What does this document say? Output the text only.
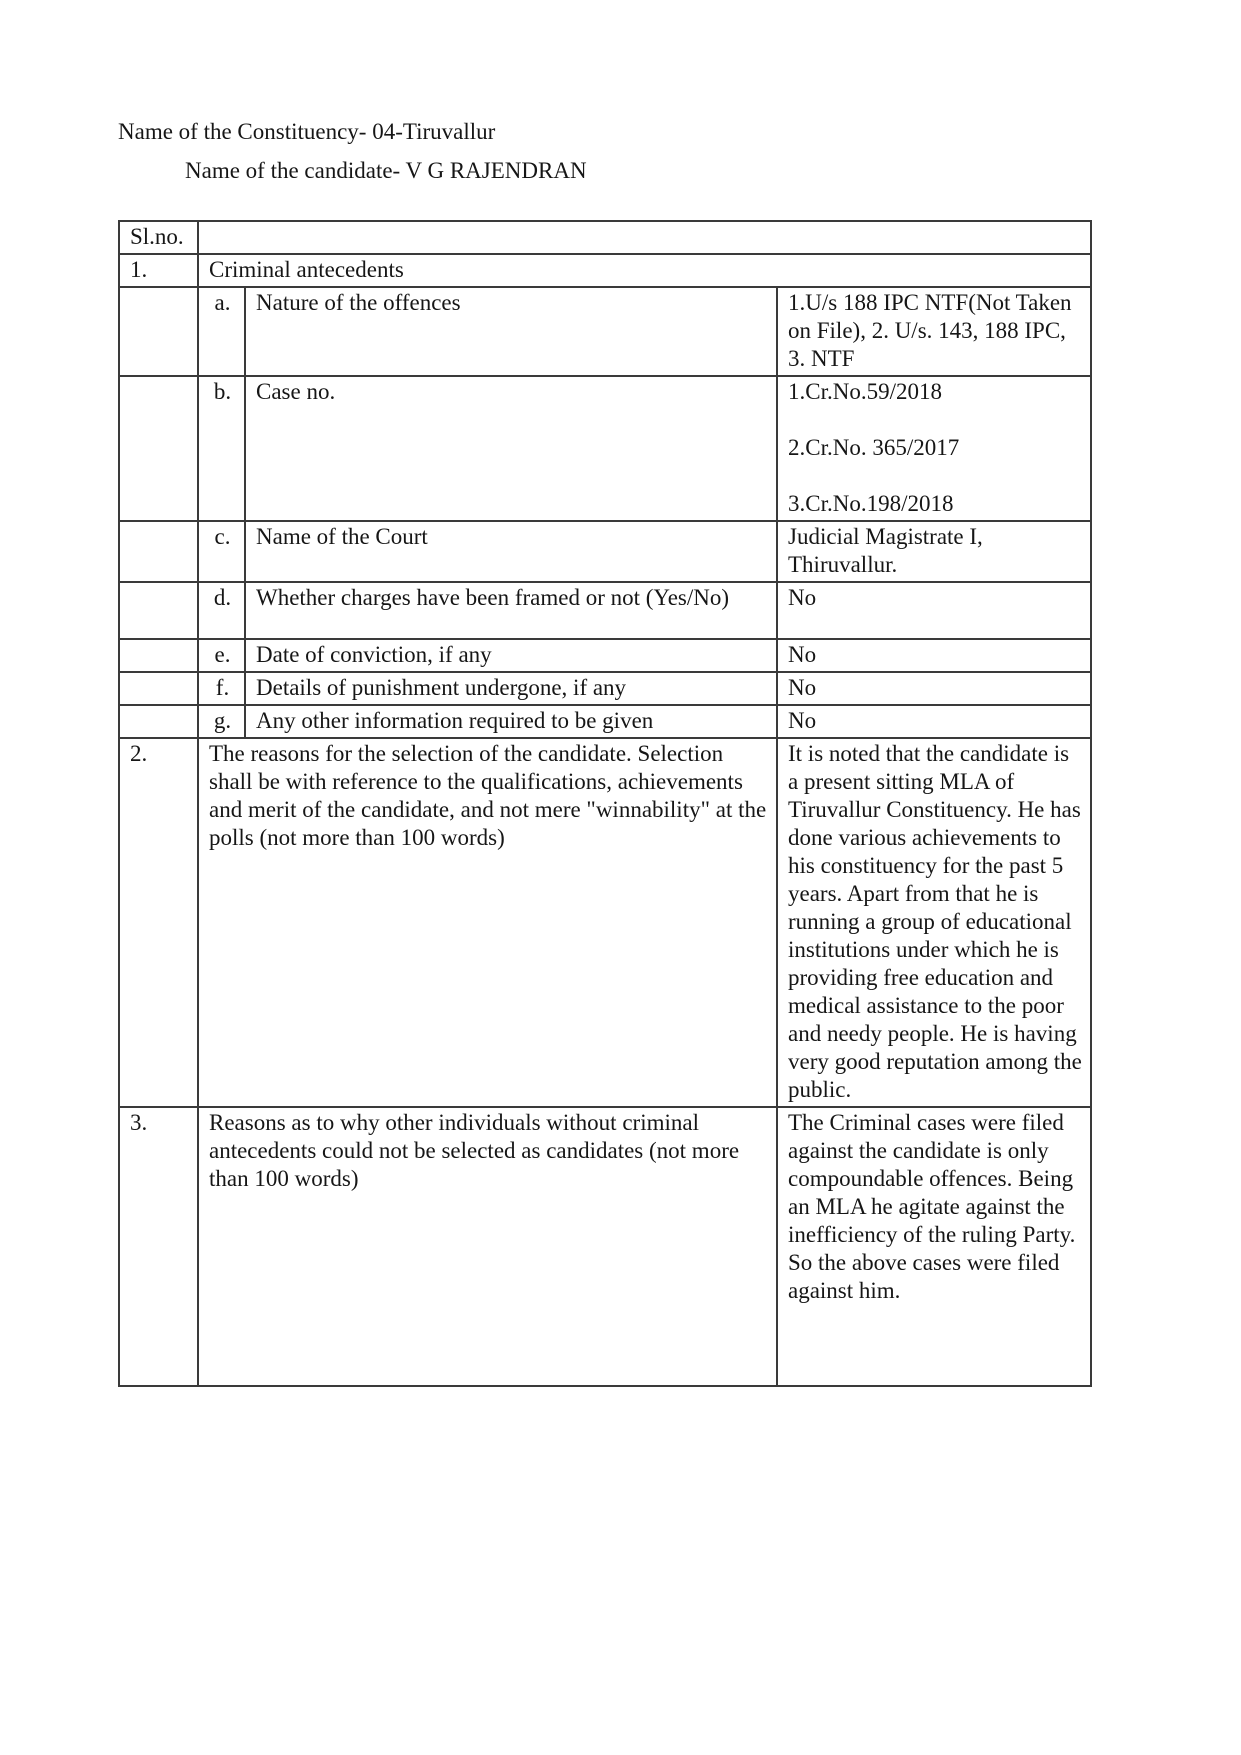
Name of the Constituency- 04-Tiruvallur
Name of the candidate- V G RAJENDRAN
Sl.no.			
1.	Criminal antecedents		
	a.	Nature of the offences	1.U/s 188 IPC NTF(Not Taken on File), 2. U/s. 143, 188 IPC, 3. NTF
	b.	Case no.	1.Cr.No.59/2018
2.Cr.No. 365/2017
3.Cr.No.198/2018

	c.	Name of the Court	Judicial Magistrate I, Thiruvallur.
	d.	Whether charges have been framed or not (Yes/No)	No
	e.	Date of conviction, if any	No
	f.	Details of punishment undergone, if any	No
	g.	Any other information required to be given	No
2.	The reasons for the selection of the candidate. Selection shall be with reference to the qualifications, achievements and merit of the candidate, and not mere "winnability" at the polls (not more than 100 words)	It is noted that the candidate is a present sitting MLA of Tiruvallur Constituency. He has done various achievements to his constituency for the past 5 years. Apart from that he is running a group of educational institutions under which he is providing free education and medical assistance to the poor and needy people. He is having very good reputation among the public.
3.	Reasons as to why other individuals without criminal antecedents could not be selected as candidates (not more than 100 words)		The Criminal cases were filed against the candidate is only compoundable offences. Being an MLA he agitate against the inefficiency of the ruling Party. So the above cases were filed against him.
